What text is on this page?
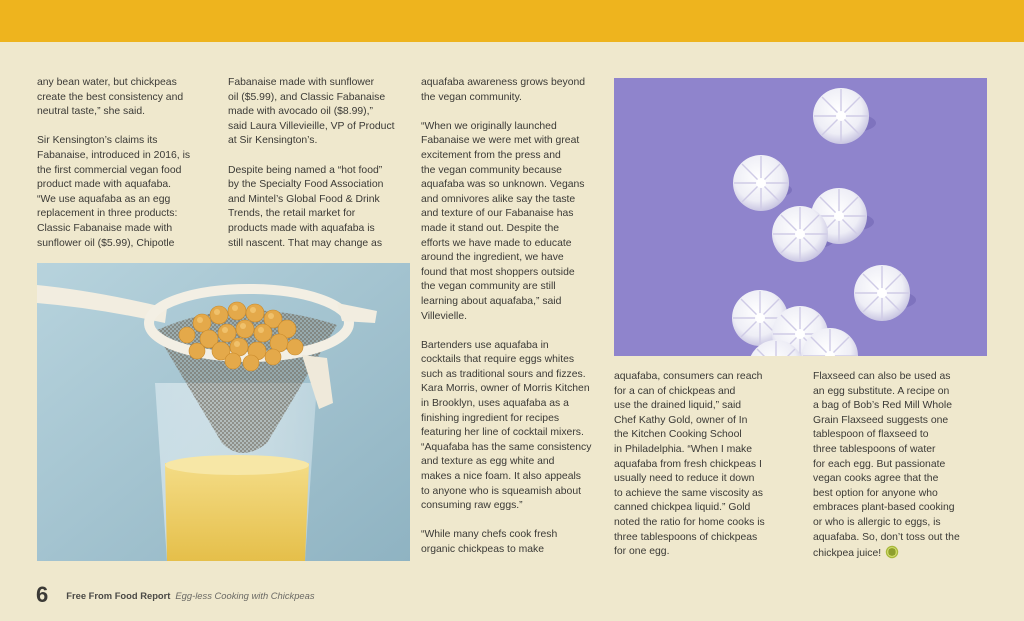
any bean water, but chickpeas
create the best consistency and
neutral taste,” she said.

Sir Kensington’s claims its
Fabanaise, introduced in 2016, is
the first commercial vegan food
product made with aquafaba.
“We use aquafaba as an egg
replacement in three products:
Classic Fabanaise made with
sunflower oil ($5.99), Chipotle

Fabanaise made with sunflower
oil ($5.99), and Classic Fabanaise
made with avocado oil ($8.99),”
said Laura Villevieille, VP of Product
at Sir Kensington’s.

Despite being named a “hot food”
by the Specialty Food Association
and Mintel’s Global Food & Drink
Trends, the retail market for
products made with aquafaba is
still nascent. That may change as

aquafaba awareness grows beyond
the vegan community.

“When we originally launched
Fabanaise we were met with great
excitement from the press and
the vegan community because
aquafaba was so unknown. Vegans
and omnivores alike say the taste
and texture of our Fabanaise has
made it stand out. Despite the
efforts we have made to educate
around the ingredient, we have
found that most shoppers outside
the vegan community are still
learning about aquafaba,” said
Villevielle.

Bartenders use aquafaba in
cocktails that require eggs whites
such as traditional sours and fizzes.
Kara Morris, owner of Morris Kitchen
in Brooklyn, uses aquafaba as a
finishing ingredient for recipes
featuring her line of cocktail mixers.
“Aquafaba has the same consistency
and texture as egg white and
makes a nice foam. It also appeals
to anyone who is squeamish about
consuming raw eggs.”

“While many chefs cook fresh
organic chickpeas to make

aquafaba, consumers can reach
for a can of chickpeas and
use the drained liquid,” said
Chef Kathy Gold, owner of In
the Kitchen Cooking School
in Philadelphia. “When I make
aquafaba from fresh chickpeas I
usually need to reduce it down
to achieve the same viscosity as
canned chickpea liquid.” Gold
noted the ratio for home cooks is
three tablespoons of chickpeas
for one egg.

Flaxseed can also be used as
an egg substitute. A recipe on
a bag of Bob’s Red Mill Whole
Grain Flaxseed suggests one
tablespoon of flaxseed to
three tablespoons of water
for each egg. But passionate
vegan cooks agree that the
best option for anyone who
embraces plant-based cooking
or who is allergic to eggs, is
aquafaba. So, don’t toss out the
chickpea juice!

6 Free From Food Report Egg-less Cooking with Chickpeas
